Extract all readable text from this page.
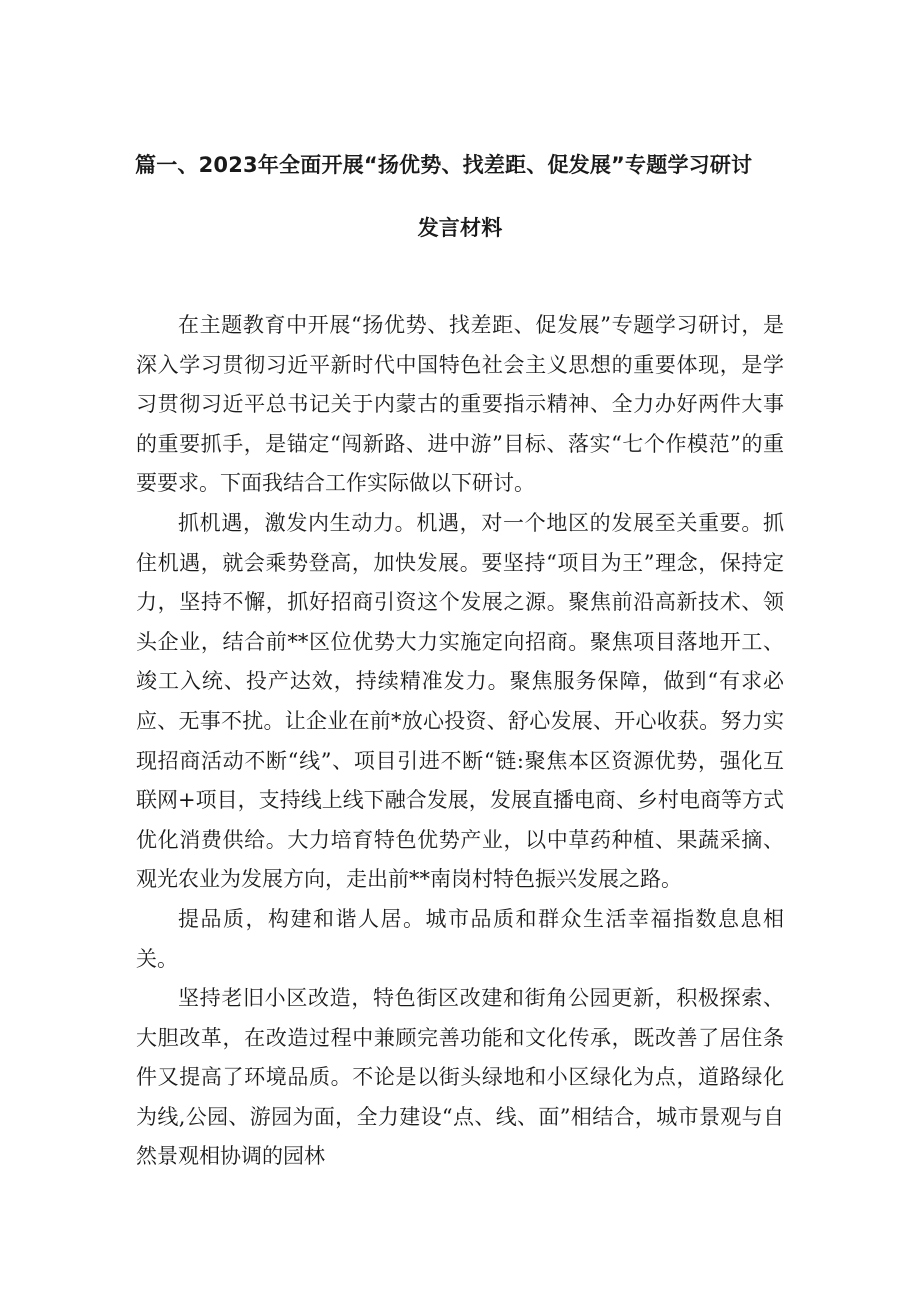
篇一、2023年全面开展“扬优势、找差距、促发展”专题学习研讨
发言材料

在主题教育中开展“扬优势、找差距、促发展”专题学习研讨，是深入学习贯彻习近平新时代中国特色社会主义思想的重要体现，是学习贯彻习近平总书记关于内蒙古的重要指示精神、全力办好两件大事的重要抓手，是锚定“闯新路、进中游”目标、落实“七个作模范”的重要要求。下面我结合工作实际做以下研讨。

抓机遇，激发内生动力。机遇，对一个地区的发展至关重要。抓住机遇，就会乘势登高，加快发展。要坚持“项目为王”理念，保持定力，坚持不懈，抓好招商引资这个发展之源。聚焦前沿高新技术、领头企业，结合前**区位优势大力实施定向招商。聚焦项目落地开工、竣工入统、投产达效，持续精准发力。聚焦服务保障，做到“有求必应、无事不扰。让企业在前*放心投资、舒心发展、开心收获。努力实现招商活动不断“线”、项目引进不断“链:聚焦本区资源优势，强化互联网+项目，支持线上线下融合发展，发展直播电商、乡村电商等方式优化消费供给。大力培育特色优势产业，以中草药种植、果蔬采摘、观光农业为发展方向，走出前**南岗村特色振兴发展之路。

提品质，构建和谐人居。城市品质和群众生活幸福指数息息相关。

坚持老旧小区改造，特色街区改建和街角公园更新，积极探索、大胆改革，在改造过程中兼顾完善功能和文化传承，既改善了居住条件又提高了环境品质。不论是以街头绿地和小区绿化为点，道路绿化为线,公园、游园为面，全力建设“点、线、面”相结合，城市景观与自然景观相协调的园林
